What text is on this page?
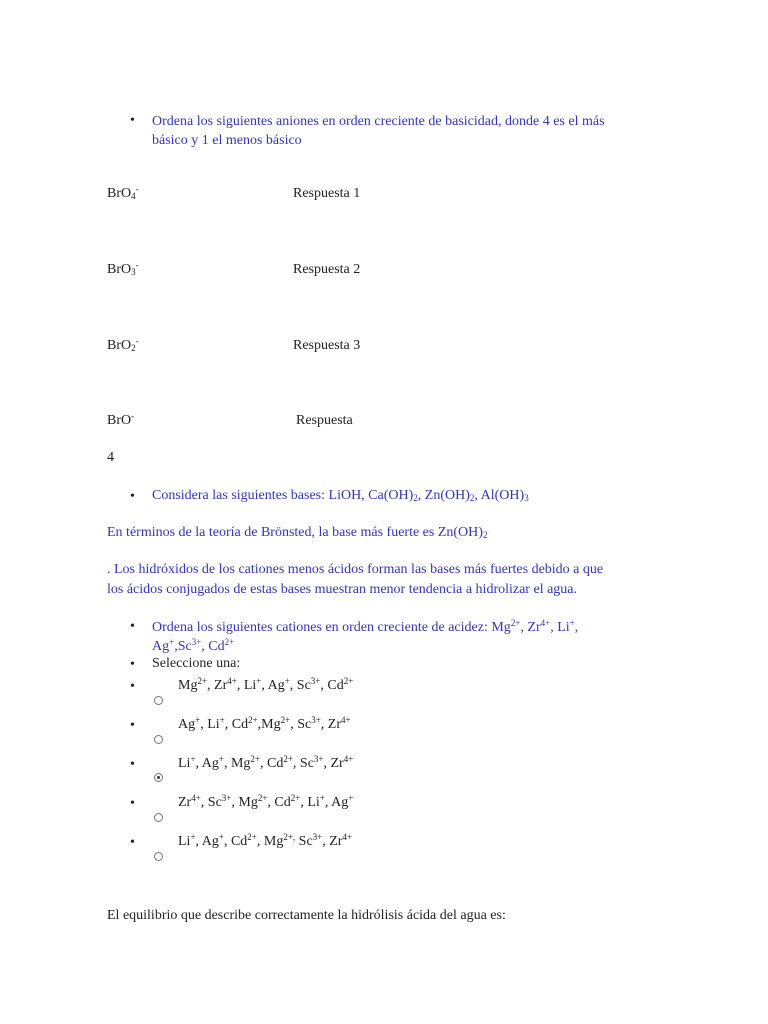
• Ordena los siguientes aniones en orden creciente de basicidad, donde 4 es el más
básico y 1 el menos básico
BrO$_4$-	Respuesta 1
BrO$_3$-	Respuesta 2
BrO$_2$-	Respuesta 3
BrO-	Respuesta
4
• Considera las siguientes bases: LiOH, $Ca(OH)_2$, $Zn(OH)_2$, $Al(OH)_3$
En términos de la teoría de Brönsted, la base más fuerte es $Zn(OH)_2$
. Los hidróxidos de los cationes menos ácidos forman las bases más fuertes debido a que
los ácidos conjugados de estas bases muestran menor tendencia a hidrolizar el agua.
• Ordena los siguientes cationes en orden creciente de acidez: $Mg^{2+}$, $Zr^{4+}$, Li+,
$Ag^+,Sc^{3+}$, $Cd^{2+}$
• Seleccione una:
•	$Mg^{2+}$, $Zr^{4+}$, Li+, Ag+, $Sc^{3+}$, $Cd^{2+}$
•	Ag+, Li+, $Cd^{2+},Mg^{2+}$, $Sc^{3+}$, $Zr^{4+}$
•	Li+, Ag+, $Mg^{2+}$, $Cd^{2+}$, $Sc^{3+}$, $Zr^{4+}$
•	$Zr^{4+}$, $Sc^{3+}$, $Mg^{2+}$, $Cd^{2+}$, Li+, Ag+
•	Li+, Ag+, $Cd^{2+}$, $Mg^{2+,}$ $Sc^{3+}$, $Zr^{4+}$
El equilibrio que describe correctamente la hidrólisis ácida del agua es:
